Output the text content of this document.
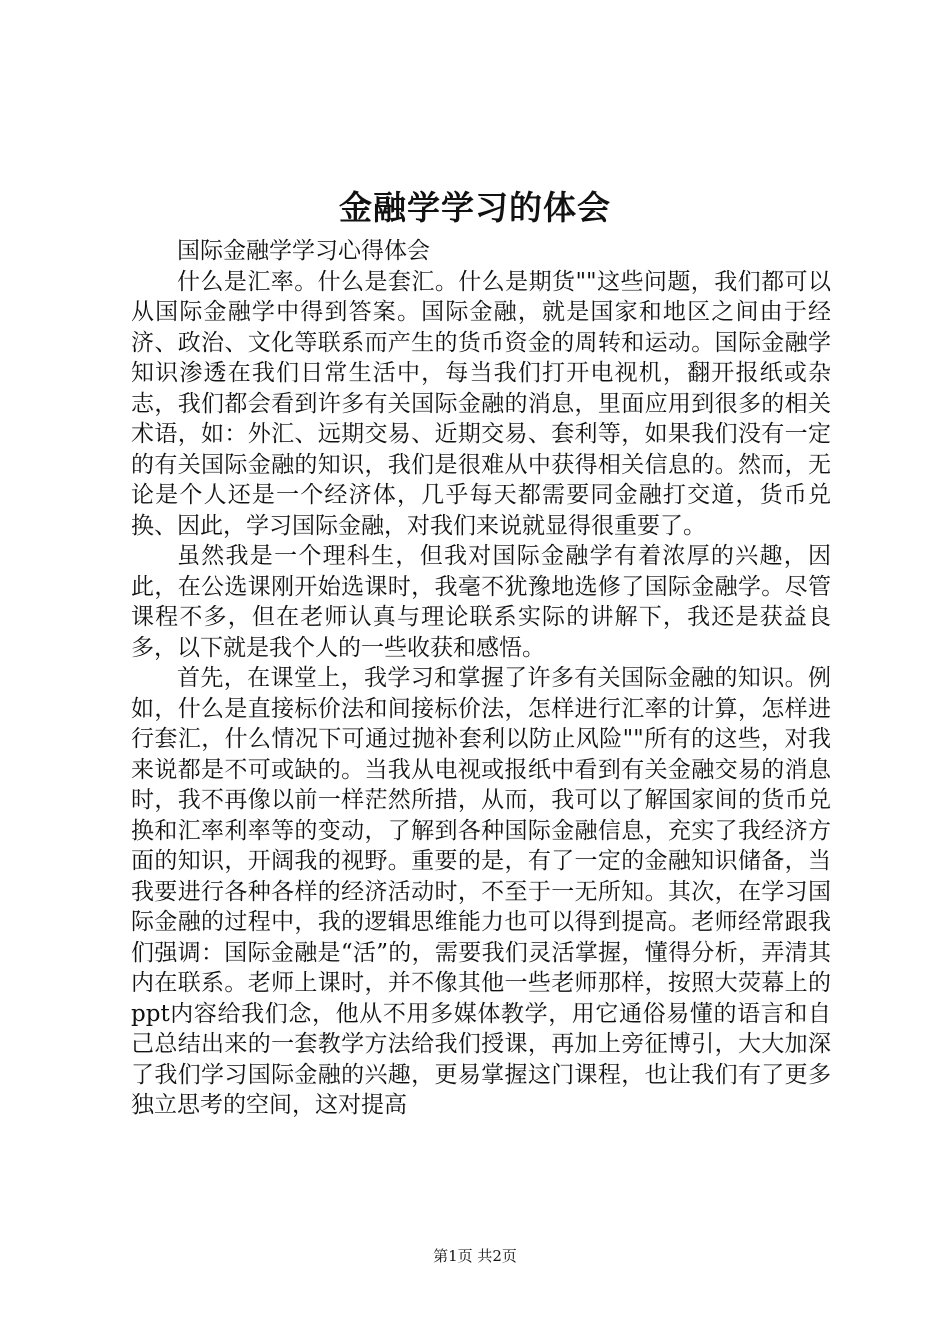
金融学学习的体会

国际金融学学习心得体会

什么是汇率。什么是套汇。什么是期货""这些问题，我们都可以从国际金融学中得到答案。国际金融，就是国家和地区之间由于经济、政治、文化等联系而产生的货币资金的周转和运动。国际金融学知识渗透在我们日常生活中，每当我们打开电视机，翻开报纸或杂志，我们都会看到许多有关国际金融的消息，里面应用到很多的相关术语，如：外汇、远期交易、近期交易、套利等，如果我们没有一定的有关国际金融的知识，我们是很难从中获得相关信息的。然而，无论是个人还是一个经济体，几乎每天都需要同金融打交道，货币兑换、因此，学习国际金融，对我们来说就显得很重要了。

虽然我是一个理科生，但我对国际金融学有着浓厚的兴趣，因此，在公选课刚开始选课时，我毫不犹豫地选修了国际金融学。尽管课程不多，但在老师认真与理论联系实际的讲解下，我还是获益良多，以下就是我个人的一些收获和感悟。

首先，在课堂上，我学习和掌握了许多有关国际金融的知识。例如，什么是直接标价法和间接标价法，怎样进行汇率的计算，怎样进行套汇，什么情况下可通过抛补套利以防止风险""所有的这些，对我来说都是不可或缺的。当我从电视或报纸中看到有关金融交易的消息时，我不再像以前一样茫然所措，从而，我可以了解国家间的货币兑换和汇率利率等的变动，了解到各种国际金融信息，充实了我经济方面的知识，开阔我的视野。重要的是，有了一定的金融知识储备，当我要进行各种各样的经济活动时，不至于一无所知。其次，在学习国际金融的过程中，我的逻辑思维能力也可以得到提高。老师经常跟我们强调：国际金融是“活”的，需要我们灵活掌握，懂得分析，弄清其内在联系。老师上课时，并不像其他一些老师那样，按照大荧幕上的ppt内容给我们念，他从不用多媒体教学，用它通俗易懂的语言和自己总结出来的一套教学方法给我们授课，再加上旁征博引，大大加深了我们学习国际金融的兴趣，更易掌握这门课程，也让我们有了更多独立思考的空间，这对提高

第1页 共2页
